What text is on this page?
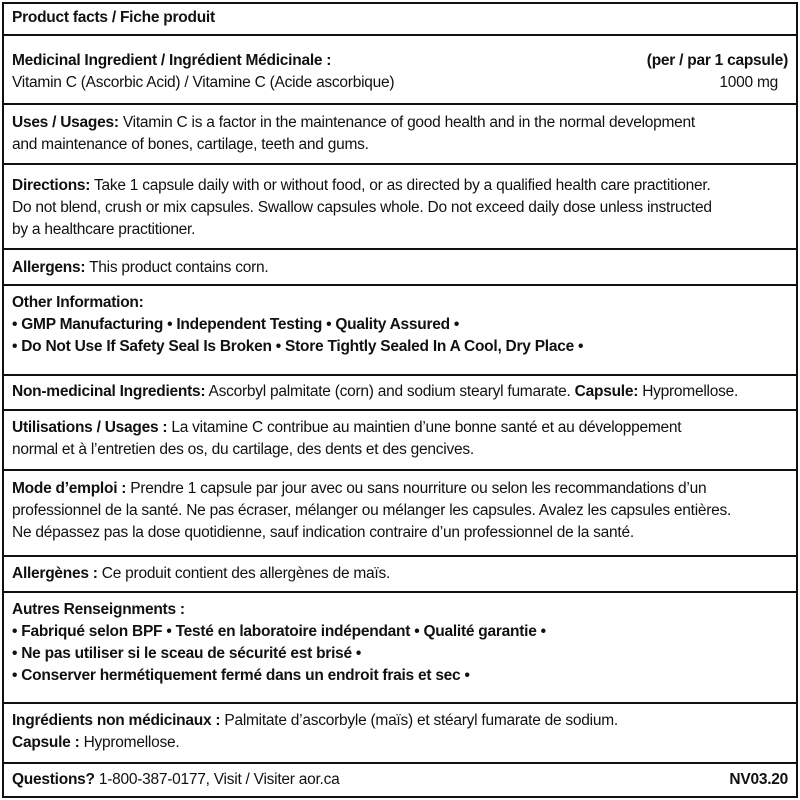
Product facts / Fiche produit
Medicinal Ingredient / Ingrédient Médicinale :	(per / par 1 capsule)
Vitamin C (Ascorbic Acid) / Vitamine C (Acide ascorbique)	1000 mg
Uses / Usages: Vitamin C is a factor in the maintenance of good health and in the normal development
and maintenance of bones, cartilage, teeth and gums.
Directions: Take 1 capsule daily with or without food, or as directed by a qualified health care practitioner.
Do not blend, crush or mix capsules. Swallow capsules whole. Do not exceed daily dose unless instructed
by a healthcare practitioner.
Allergens: This product contains corn.
Other Information:
• GMP Manufacturing • Independent Testing • Quality Assured •
• Do Not Use If Safety Seal Is Broken • Store Tightly Sealed In A Cool, Dry Place •
Non-medicinal Ingredients: Ascorbyl palmitate (corn) and sodium stearyl fumarate. Capsule: Hypromellose.
Utilisations / Usages : La vitamine C contribue au maintien d’une bonne santé et au développement
normal et à l’entretien des os, du cartilage, des dents et des gencives.
Mode d’emploi : Prendre 1 capsule par jour avec ou sans nourriture ou selon les recommandations d’un
professionnel de la santé. Ne pas écraser, mélanger ou mélanger les capsules. Avalez les capsules entières.
Ne dépassez pas la dose quotidienne, sauf indication contraire d’un professionnel de la santé.
Allergènes : Ce produit contient des allergènes de maïs.
Autres Renseignments :
• Fabriqué selon BPF • Testé en laboratoire indépendant • Qualité garantie •
• Ne pas utiliser si le sceau de sécurité est brisé •
• Conserver hermétiquement fermé dans un endroit frais et sec •
Ingrédients non médicinaux : Palmitate d’ascorbyle (maïs) et stéaryl fumarate de sodium.
Capsule : Hypromellose.
Questions? 1-800-387-0177, Visit / Visiter aor.ca	NV03.20
